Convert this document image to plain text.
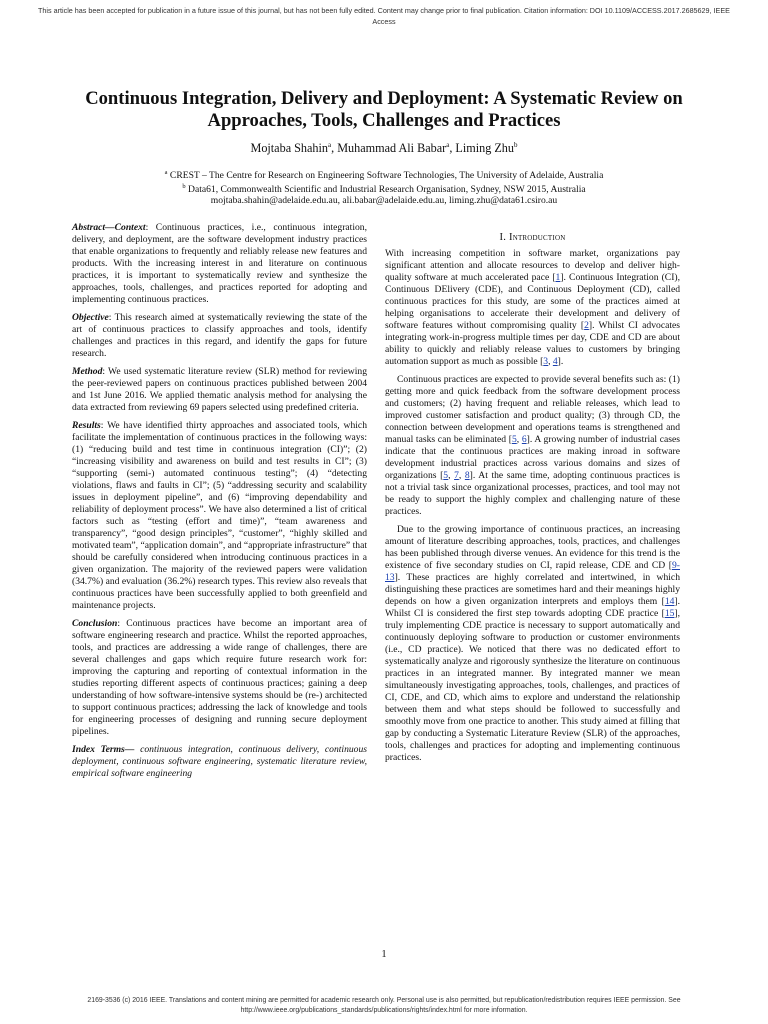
This article has been accepted for publication in a future issue of this journal, but has not been fully edited. Content may change prior to final publication. Citation information: DOI 10.1109/ACCESS.2017.2685629, IEEE Access
Continuous Integration, Delivery and Deployment: A Systematic Review on Approaches, Tools, Challenges and Practices
Mojtaba Shahin$^a$, Muhammad Ali Babar$^a$, Liming Zhu$^b$
$^a$ CREST – The Centre for Research on Engineering Software Technologies, The University of Adelaide, Australia
$^b$ Data61, Commonwealth Scientific and Industrial Research Organisation, Sydney, NSW 2015, Australia
mojtaba.shahin@adelaide.edu.au, ali.babar@adelaide.edu.au, liming.zhu@data61.csiro.au

Abstract—Context: Continuous practices, i.e., continuous integration, delivery, and deployment, are the software development industry practices that enable organizations to frequently and reliably release new features and products. With the increasing interest in and literature on continuous practices, it is important to systematically review and synthesize the approaches, tools, challenges, and practices reported for adopting and implementing continuous practices.

Objective: This research aimed at systematically reviewing the state of the art of continuous practices to classify approaches and tools, identify challenges and practices in this regard, and identify the gaps for future research.

Method: We used systematic literature review (SLR) method for reviewing the peer-reviewed papers on continuous practices published between 2004 and 1st June 2016. We applied thematic analysis method for analysing the data extracted from reviewing 69 papers selected using predefined criteria.

Results: We have identified thirty approaches and associated tools, which facilitate the implementation of continuous practices in the following ways: (1) “reducing build and test time in continuous integration (CI)”; (2) “increasing visibility and awareness on build and test results in CI”; (3) “supporting (semi-) automated continuous testing”; (4) “detecting violations, flaws and faults in CI”; (5) “addressing security and scalability issues in deployment pipeline”, and (6) “improving dependability and reliability of deployment process”. We have also determined a list of critical factors such as “testing (effort and time)”, “team awareness and transparency”, “good design principles”, “customer”, “highly skilled and motivated team”, “application domain”, and “appropriate infrastructure” that should be carefully considered when introducing continuous practices in a given organization. The majority of the reviewed papers were validation (34.7%) and evaluation (36.2%) research types. This review also reveals that continuous practices have been successfully applied to both greenfield and maintenance projects.

Conclusion: Continuous practices have become an important area of software engineering research and practice. Whilst the reported approaches, tools, and practices are addressing a wide range of challenges, there are several challenges and gaps which require future research work for: improving the capturing and reporting of contextual information in the studies reporting different aspects of continuous practices; gaining a deep understanding of how software-intensive systems should be (re-) architected to support continuous practices; addressing the lack of knowledge and tools for engineering processes of designing and running secure deployment pipelines.

Index Terms— continuous integration, continuous delivery, continuous deployment, continuous software engineering, systematic literature review, empirical software engineering

I. Introduction

With increasing competition in software market, organizations pay significant attention and allocate resources to develop and deliver high-quality software at much accelerated pace [1]. Continuous Integration (CI), Continuous DElivery (CDE), and Continuous Deployment (CD), called continuous practices for this study, are some of the practices aimed at helping organisations to accelerate their development and delivery of software features without compromising quality [2]. Whilst CI advocates integrating work-in-progress multiple times per day, CDE and CD are about ability to quickly and reliably release values to customers by bringing automation support as much as possible [3, 4].

Continuous practices are expected to provide several benefits such as: (1) getting more and quick feedback from the software development process and customers; (2) having frequent and reliable releases, which lead to improved customer satisfaction and product quality; (3) through CD, the connection between development and operations teams is strengthened and manual tasks can be eliminated [5, 6]. A growing number of industrial cases indicate that the continuous practices are making inroad in software development industrial practices across various domains and sizes of organizations [5, 7, 8]. At the same time, adopting continuous practices is not a trivial task since organizational processes, practices, and tool may not be ready to support the highly complex and challenging nature of these practices.

Due to the growing importance of continuous practices, an increasing amount of literature describing approaches, tools, practices, and challenges has been published through diverse venues. An evidence for this trend is the existence of five secondary studies on CI, rapid release, CDE and CD [9-13]. These practices are highly correlated and intertwined, in which distinguishing these practices are sometimes hard and their meanings highly depends on how a given organization interprets and employs them [14]. Whilst CI is considered the first step towards adopting CDE practice [15], truly implementing CDE practice is necessary to support automatically and continuously deploying software to production or customer environments (i.e., CD practice). We noticed that there was no dedicated effort to systematically analyze and rigorously synthesize the literature on continuous practices in an integrated manner. By integrated manner we mean simultaneously investigating approaches, tools, challenges, and practices of CI, CDE, and CD, which aims to explore and understand the relationship between them and what steps should be followed to successfully and smoothly move from one practice to another. This study aimed at filling that gap by conducting a Systematic Literature Review (SLR) of the approaches, tools, challenges and practices for adopting and implementing continuous practices.

1
2169-3536 (c) 2016 IEEE. Translations and content mining are permitted for academic research only. Personal use is also permitted, but republication/redistribution requires IEEE permission. See http://www.ieee.org/publications_standards/publications/rights/index.html for more information.
